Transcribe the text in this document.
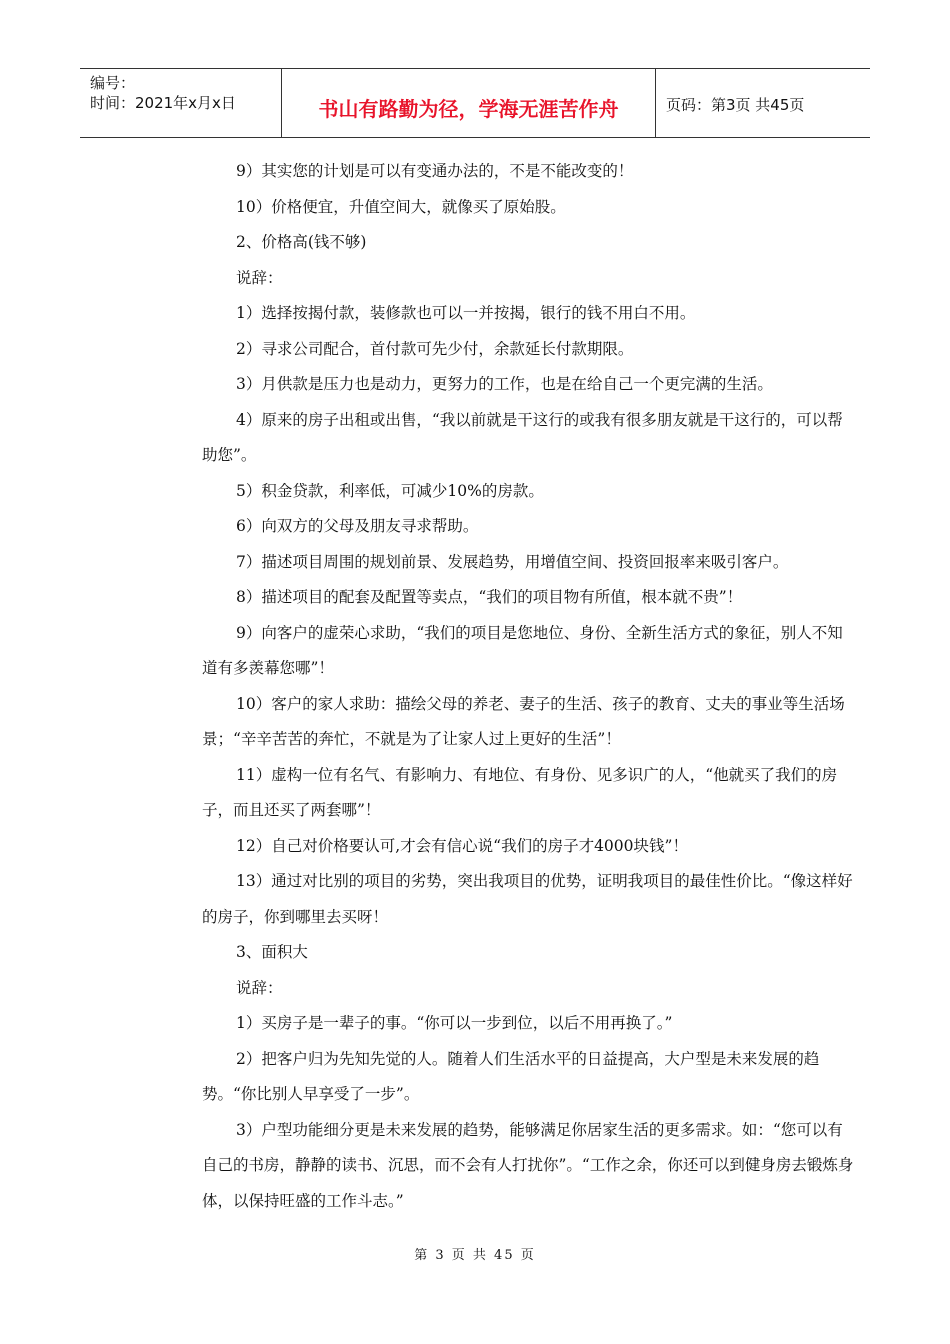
编号：
时间：2021年x月x日	书山有路勤为径，学海无涯苦作舟	页码：第3页 共45页

9）其实您的计划是可以有变通办法的，不是不能改变的！

10）价格便宜，升值空间大，就像买了原始股。

2、价格高(钱不够)

说辞：

1）选择按揭付款，装修款也可以一并按揭，银行的钱不用白不用。

2）寻求公司配合，首付款可先少付，余款延长付款期限。

3）月供款是压力也是动力，更努力的工作，也是在给自己一个更完满的生活。

4）原来的房子出租或出售，“我以前就是干这行的或我有很多朋友就是干这行的，可以帮助您”。

5）积金贷款，利率低，可减少10%的房款。

6）向双方的父母及朋友寻求帮助。

7）描述项目周围的规划前景、发展趋势，用增值空间、投资回报率来吸引客户。

8）描述项目的配套及配置等卖点，“我们的项目物有所值，根本就不贵”！

9）向客户的虚荣心求助，“我们的项目是您地位、身份、全新生活方式的象征，别人不知道有多羡幕您哪”！

10）客户的家人求助：描绘父母的养老、妻子的生活、孩子的教育、丈夫的事业等生活场景；“辛辛苦苦的奔忙，不就是为了让家人过上更好的生活”！

11）虚构一位有名气、有影响力、有地位、有身份、见多识广的人，“他就买了我们的房子，而且还买了两套哪”！

12）自己对价格要认可,才会有信心说“我们的房子才4000块钱”！

13）通过对比别的项目的劣势，突出我项目的优势，证明我项目的最佳性价比。“像这样好的房子，你到哪里去买呀！

3、面积大

说辞：

1）买房子是一辈子的事。“你可以一步到位，以后不用再换了。”

2）把客户归为先知先觉的人。随着人们生活水平的日益提高，大户型是未来发展的趋势。“你比别人早享受了一步”。

3）户型功能细分更是未来发展的趋势，能够满足你居家生活的更多需求。如：“您可以有自己的书房，静静的读书、沉思，而不会有人打扰你”。“工作之余，你还可以到健身房去锻炼身体，以保持旺盛的工作斗志。”

第 3 页 共 45 页
